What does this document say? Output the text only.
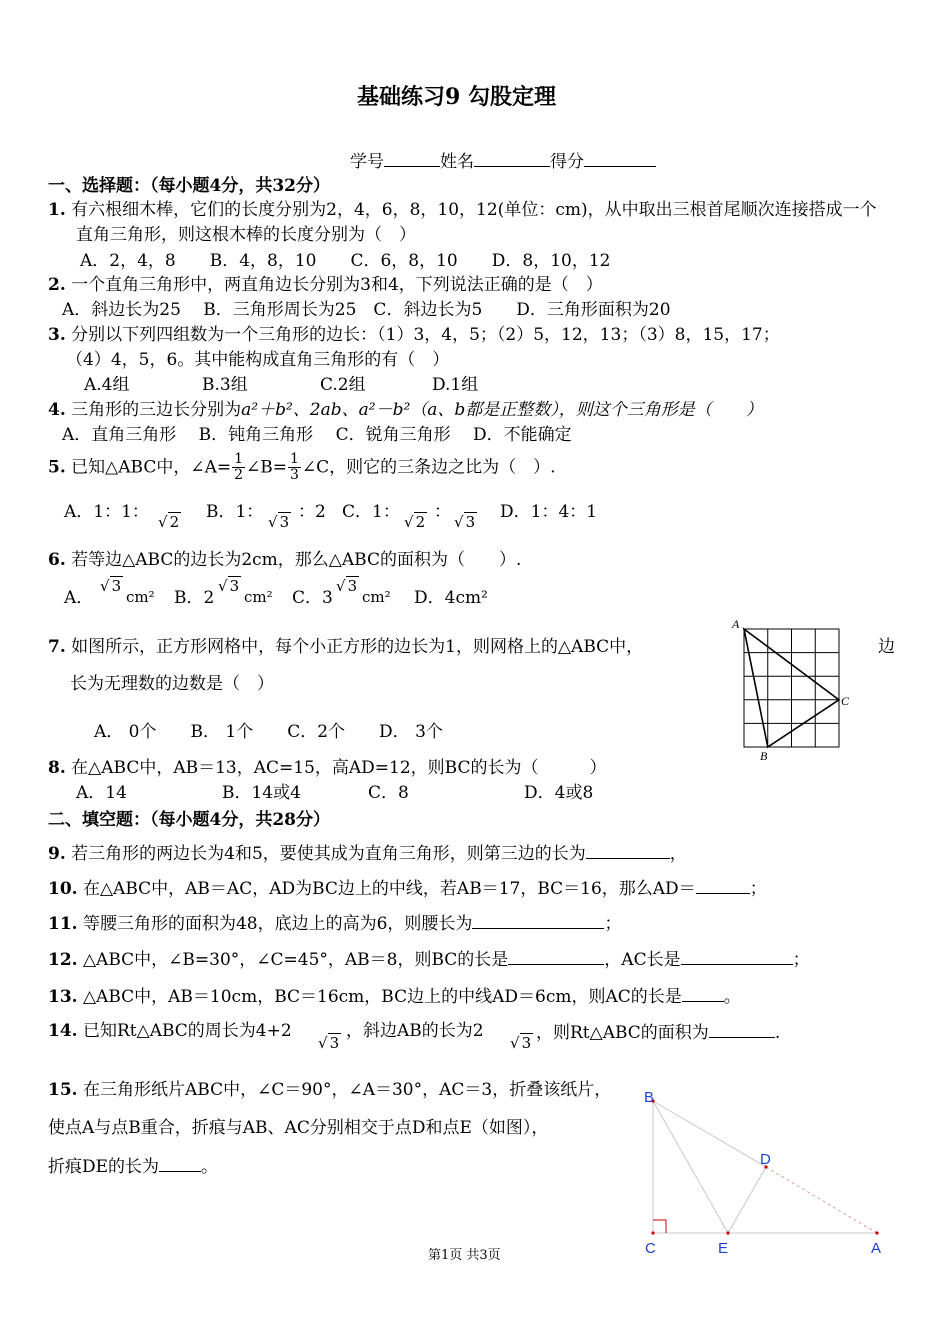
基础练习9 勾股定理
学号	姓名	得分
一、选择题：（每小题4分，共32分）
1. 有六根细木棒，它们的长度分别为2，4，6，8，10，12(单位：cm)，从中取出三根首尾顺次连接搭成一个
直角三角形，则这根木棒的长度分别为（　）
A．2，4，8　　B．4，8，10　　C．6，8，10　　D．8，10，12
2. 一个直角三角形中，两直角边长分别为3和4，下列说法正确的是（　）
A．斜边长为25　 B．三角形周长为25　C．斜边长为5　　D．三角形面积为20
3. 分别以下列四组数为一个三角形的边长：（1）3，4，5；（2）5，12，13；（3）8，15，17；
（4）4，5，6。其中能构成直角三角形的有（　）
A.4组	B.3组	C.2组	D.1组
4. 三角形的三边长分别为a²＋b²、2ab、a²－b²（a、b都是正整数），则这个三角形是（　　）
A．直角三角形　 B．钝角三角形　 C．锐角三角形　 D．不能确定
5. 已知△ABC中，∠A= $\frac{1}{2}$ ∠B= $\frac{1}{3}$ ∠C，则它的三条边之比为（　）.
A．1：1： √ 2 B．1： √ 3 ：2 C．1： √ 2 ： √ 3 D．1：4：1
6. 若等边△ABC的边长为2cm，那么△ABC的面积为（　　）.
A．
√ 3
cm² B．2
√ 3
cm² C．3
√ 3
cm² D．4cm²
7. 如图所示，正方形网格中，每个小正方形的边长为1，则网格上的△ABC中，	边
长为无理数的边数是（　）
A． 0个　　B． 1个　　C．2个　　D． 3个
A
C
B
8. 在△ABC中，AB＝13，AC=15，高AD=12，则BC的长为（　　　）
A．14	B．14或4	C．8	D．4或8
二、填空题：（每小题4分，共28分）
9. 若三角形的两边长为4和5，要使其成为直角三角形，则第三边的长为	，
10. 在△ABC中，AB＝AC，AD为BC边上的中线，若AB＝17，BC＝16，那么AD＝	；
11. 等腰三角形的面积为48，底边上的高为6，则腰长为	；
12. △ABC中，∠B=30°，∠C=45°，AB＝8，则BC的长是	，AC长是	；
13. △ABC中，AB＝10cm，BC＝16cm，BC边上的中线AD＝6cm，则AC的长是 。
14. 已知Rt△ABC的周长为4+2
√ 3
，斜边AB的长为2
√ 3 ，则Rt△ABC的面积为	.
15. 在三角形纸片ABC中，∠C＝90°，∠A＝30°，AC＝3，折叠该纸片，
使点A与点B重合，折痕与AB、AC分别相交于点D和点E（如图），
折痕DE的长为 。
B
C	E	A
D
第1页 共3页
